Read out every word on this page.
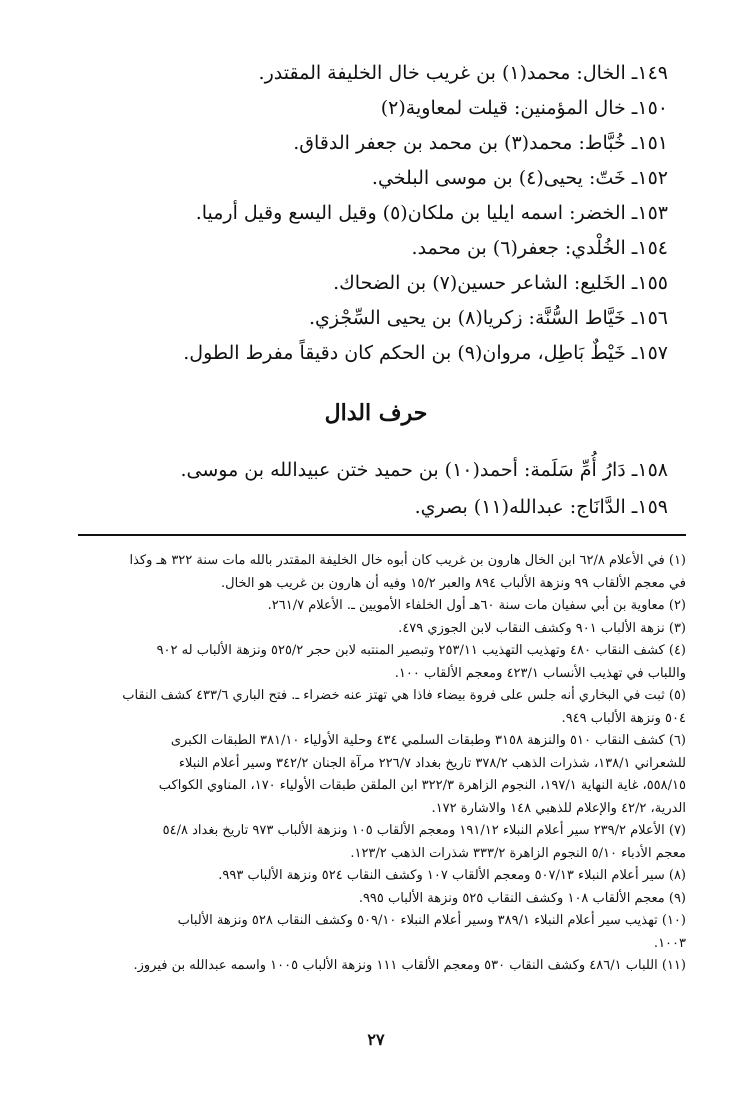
١٤٩ـ الخال: محمد(١) بن غريب خال الخليفة المقتدر.
١٥٠ـ خال المؤمنين: قيلت لمعاوية(٢)
١٥١ـ خُبَّاط: محمد(٣) بن محمد بن جعفر الدقاق.
١٥٢ـ خَتّ: يحيى(٤) بن موسى البلخي.
١٥٣ـ الخضر: اسمه ايليا بن ملكان(٥) وقيل اليسع وقيل أرميا.
١٥٤ـ الخُلْدي: جعفر(٦) بن محمد.
١٥٥ـ الخَليع: الشاعر حسين(٧) بن الضحاك.
١٥٦ـ خَيَّاط السُّنَّة: زكريا(٨) بن يحيى السِّجْزي.
١٥٧ـ خَيْطٌ بَاطِل، مروان(٩) بن الحكم كان دقيقاً مفرط الطول.
حرف الدال
١٥٨ـ دَارُ أُمِّ سَلَمة: أحمد(١٠) بن حميد ختن عبيدالله بن موسى.
١٥٩ـ الدَّانَاج: عبدالله(١١) بصري.
(١) في الأعلام ٦٢/٨ ابن الخال هارون بن غريب كان أبوه خال الخليفة المقتدر بالله مات سنة ٣٢٢ هـ وكذا
في معجم الألقاب ٩٩ ونزهة الألباب ٨٩٤ والعبر ١٥/٢ وفيه أن هارون بن غريب هو الخال.
(٢) معاوية بن أبي سفيان مات سنة ٦٠هـ أول الخلفاء الأمويين ـ. الأعلام ٢٦١/٧.
(٣) نزهة الألباب ٩٠١ وكشف النقاب لابن الجوزي ٤٧٩.
(٤) كشف النقاب ٤٨٠ وتهذيب التهذيب ٢٥٣/١١ وتبصير المنتبه لابن حجر ٥٢٥/٢ ونزهة الألباب له ٩٠٢
واللباب في تهذيب الأنساب ٤٢٣/١ ومعجم الألقاب ١٠٠.
(٥) ثبت في البخاري أنه جلس على فروة بيضاء فاذا هي تهتز عنه خضراء ـ. فتح الباري ٤٣٣/٦ كشف النقاب
٥٠٤ ونزهة الألباب ٩٤٩.
(٦) كشف النقاب ٥١٠ والنزهة ٣١٥٨ وطبقات السلمي ٤٣٤ وحلية الأولياء ٣٨١/١٠ الطبقات الكبرى
للشعراني ١٣٨/١، شذرات الذهب ٣٧٨/٢ تاريخ بغداد ٢٢٦/٧ مرآة الجنان ٣٤٢/٢ وسير أعلام النبلاء
٥٥٨/١٥، غاية النهاية ١٩٧/١، النجوم الزاهرة ٣٢٢/٣ ابن الملقن طبقات الأولياء ١٧٠، المناوي الكواكب
الدرية، ٤٢/٢ والإعلام للذهبي ١٤٨ والاشارة ١٧٢.
(٧) الأعلام ٢٣٩/٢ سير أعلام النبلاء ١٩١/١٢ ومعجم الألقاب ١٠٥ ونزهة الألباب ٩٧٣ تاريخ بغداد ٥٤/٨
معجم الأدباء ٥/١٠ النجوم الزاهرة ٣٣٣/٢ شذرات الذهب ١٢٣/٢.
(٨) سير أعلام النبلاء ٥٠٧/١٣ ومعجم الألقاب ١٠٧ وكشف النقاب ٥٢٤ ونزهة الألباب ٩٩٣.
(٩) معجم الألقاب ١٠٨ وكشف النقاب ٥٢٥ ونزهة الألباب ٩٩٥.
(١٠) تهذيب سير أعلام النبلاء ٣٨٩/١ وسير أعلام النبلاء ٥٠٩/١٠ وكشف النقاب ٥٢٨ ونزهة الألباب
١٠٠٣.
(١١) اللباب ٤٨٦/١ وكشف النقاب ٥٣٠ ومعجم الألقاب ١١١ ونزهة الألباب ١٠٠٥ واسمه عبدالله بن فيروز.
٢٧
